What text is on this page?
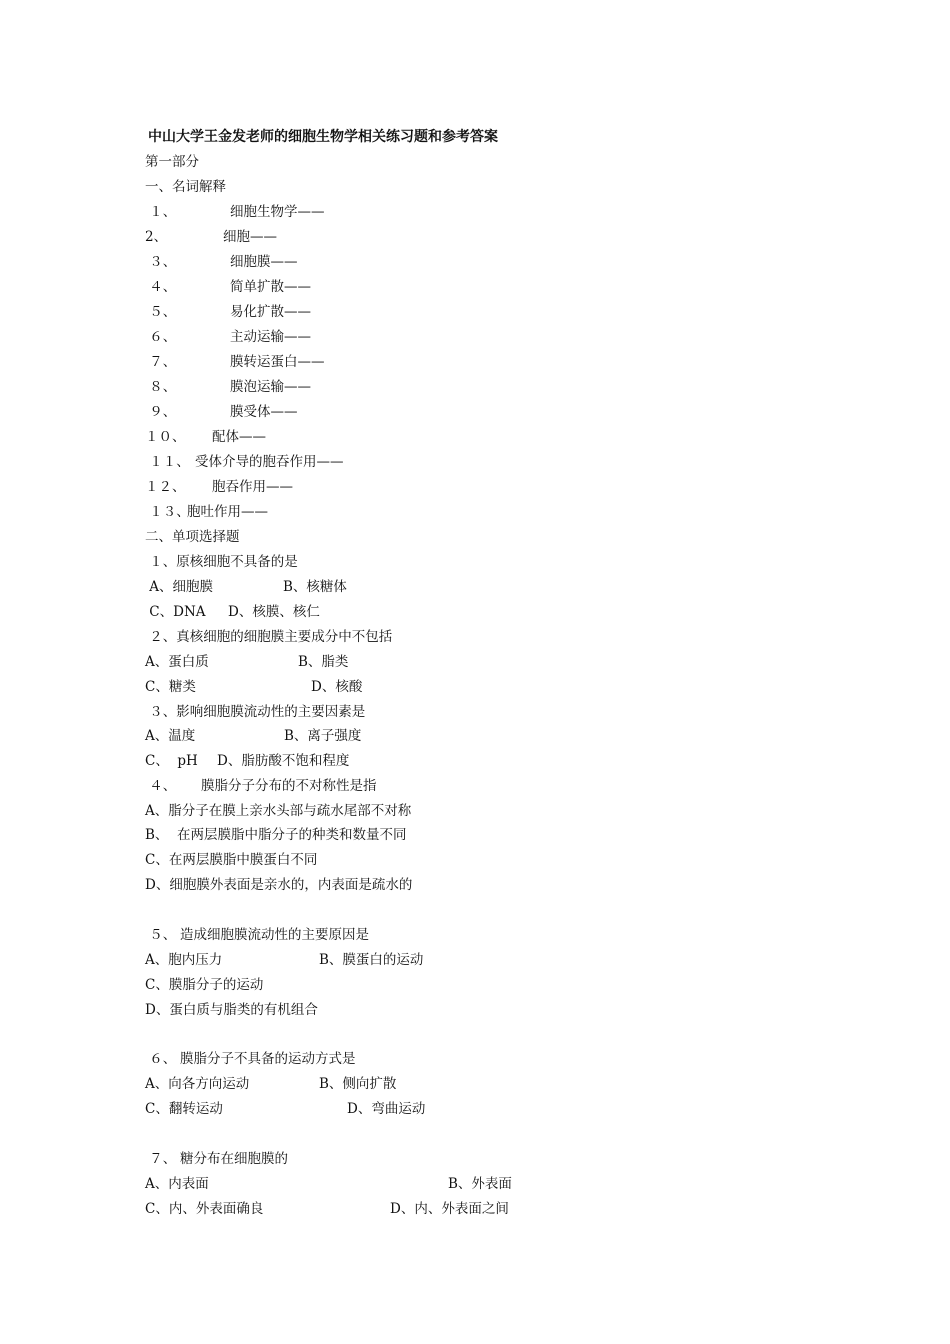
中山大学王金发老师的细胞生物学相关练习题和参考答案
第一部分
一、名词解释
１、	细胞生物学——
2、	细胞——
３、	细胞膜——
４、	简单扩散——
５、	易化扩散——
６、	主动运输——
７、	膜转运蛋白——
８、	膜泡运输——
９、	膜受体——
１０、 配体——
１１、 受体介导的胞吞作用——
１２、 胞吞作用——
１３、
胞吐作用——
二、单项选择题
１、原核细胞不具备的是
A、细胞膜	B、核糖体
C、DNA D、核膜、核仁
２、真核细胞的细胞膜主要成分中不包括
A、蛋白质	B、脂类
C、糖类	D、核酸
３、影响细胞膜流动性的主要因素是
A、温度	B、离子强度
C、  pH D、脂肪酸不饱和程度
４、 膜脂分子分布的不对称性是指
A、脂分子在膜上亲水头部与疏水尾部不对称
B、  在两层膜脂中脂分子的种类和数量不同
C、在两层膜脂中膜蛋白不同
D、细胞膜外表面是亲水的，内表面是疏水的
５、 造成细胞膜流动性的主要原因是
A、胞内压力	B、膜蛋白的运动
C、膜脂分子的运动
D、蛋白质与脂类的有机组合
６、 膜脂分子不具备的运动方式是
A、向各方向运动	B、侧向扩散
C、翻转运动	D、弯曲运动
７、 糖分布在细胞膜的
A、内表面	B、外表面
C、内、外表面确良	D、内、外表面之间
